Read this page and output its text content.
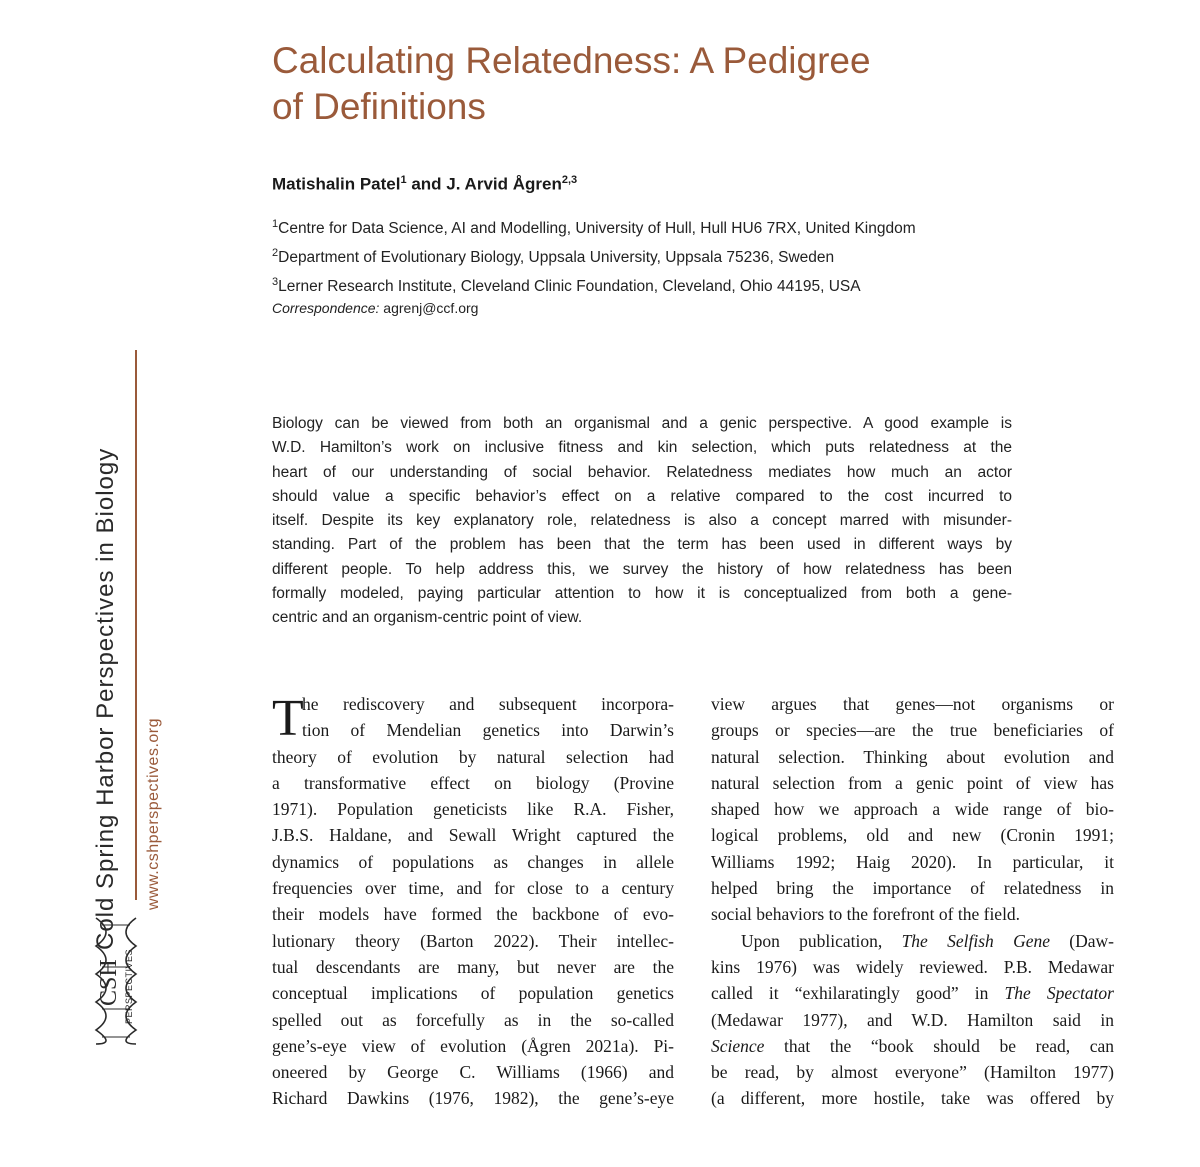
Calculating Relatedness: A Pedigree
of Definitions
Matishalin Patel$^1$ and J. Arvid Ågren$^{2,3}$
$^1$Centre for Data Science, AI and Modelling, University of Hull, Hull HU6 7RX, United Kingdom
$^2$Department of Evolutionary Biology, Uppsala University, Uppsala 75236, Sweden
$^3$Lerner Research Institute, Cleveland Clinic Foundation, Cleveland, Ohio 44195, USA
Correspondence: agrenj@ccf.org
Biology can be viewed from both an organismal and a genic perspective. A good example is
W.D. Hamilton’s work on inclusive fitness and kin selection, which puts relatedness at the
heart of our understanding of social behavior. Relatedness mediates how much an actor
should value a specific behavior’s effect on a relative compared to the cost incurred to
itself. Despite its key explanatory role, relatedness is also a concept marred with misunder-
standing. Part of the problem has been that the term has been used in different ways by
different people. To help address this, we survey the history of how relatedness has been
formally modeled, paying particular attention to how it is conceptualized from both a gene-
centric and an organism-centric point of view.
T
he rediscovery and subsequent incorpora-
tion of Mendelian genetics into Darwin’s
theory of evolution by natural selection had
a transformative effect on biology (Provine
1971). Population geneticists like R.A. Fisher,
J.B.S. Haldane, and Sewall Wright captured the
dynamics of populations as changes in allele
frequencies over time, and for close to a century
their models have formed the backbone of evo-
lutionary theory (Barton 2022). Their intellec-
tual descendants are many, but never are the
conceptual implications of population genetics
spelled out as forcefully as in the so-called
gene’s-eye view of evolution (Ågren 2021a). Pi-
oneered by George C. Williams (1966) and
Richard Dawkins (1976, 1982), the gene’s-eye
view argues that genes—not organisms or
groups or species—are the true beneficiaries of
natural selection. Thinking about evolution and
natural selection from a genic point of view has
shaped how we approach a wide range of bio-
logical problems, old and new (Cronin 1991;
Williams 1992; Haig 2020). In particular, it
helped bring the importance of relatedness in
social behaviors to the forefront of the field.
Upon publication, The Selfish Gene (Daw-
kins 1976) was widely reviewed. P.B. Medawar
called it “exhilaratingly good” in The Spectator
(Medawar 1977), and W.D. Hamilton said in
Science that the “book should be read, can
be read, by almost everyone” (Hamilton 1977)
(a different, more hostile, take was offered by
Cold Spring Harbor Perspectives in Biology	www.cshperspectives.org
CSH PERSPECTIVES
